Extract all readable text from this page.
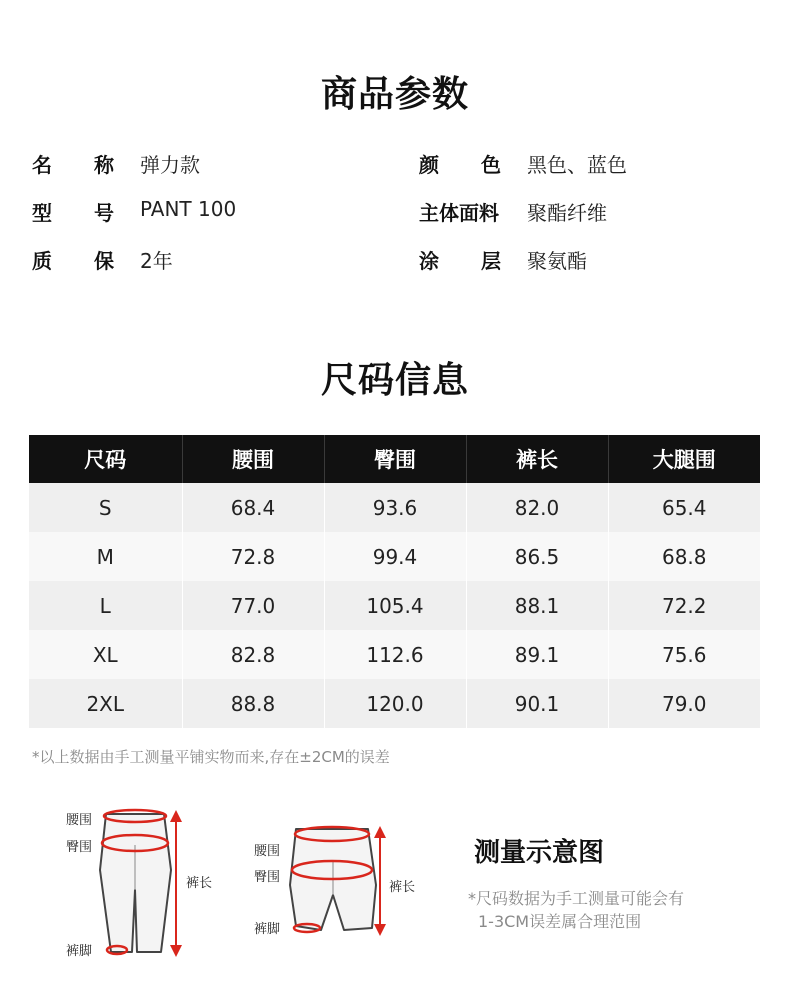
商品参数
名 称 弹力款
型 号 PANT 100
质 保 2年
颜 色 黑色、蓝色
主体面料 聚酯纤维
涂 层 聚氨酯
尺码信息
尺码	腰围	臀围	裤长	大腿围
S	68.4	93.6	82.0	65.4
M	72.8	99.4	86.5	68.8
L	77.0	105.4	88.1	72.2
XL	82.8	112.6	89.1	75.6
2XL	88.8	120.0	90.1	79.0
*以上数据由手工测量平铺实物而来,存在±2CM的误差
腰围
臀围
裤长
裤脚
腰围
臀围
裤长
裤脚
测量示意图
*尺码数据为手工测量可能会有
1-3CM误差属合理范围
